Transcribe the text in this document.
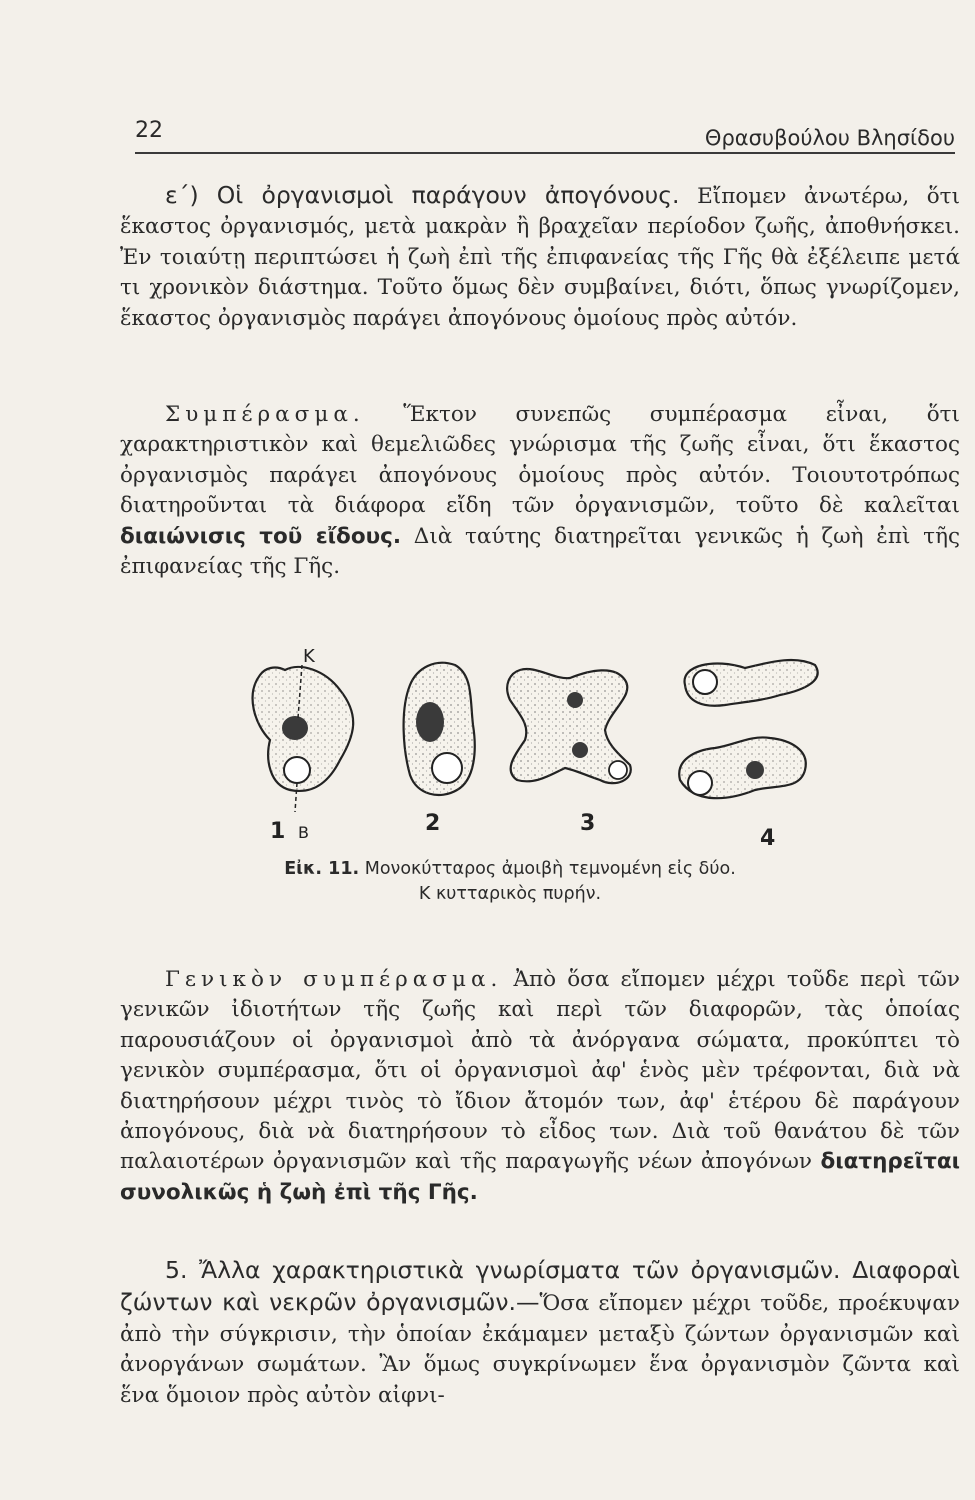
22	Θρασυβούλου Βλησίδου

ε΄) Οἱ ὀργανισμοὶ παράγουν ἀπογόνους. Εἴπομεν ἀνωτέρω, ὅτι ἕκαστος ὀργανισμός, μετὰ μακρὰν ἢ βραχεῖαν περίοδον ζωῆς, ἀποθνήσκει. Ἐν τοιαύτῃ περιπτώσει ἡ ζωὴ ἐπὶ τῆς ἐπιφανείας τῆς Γῆς θὰ ἐξέλειπε μετά τι χρονικὸν διάστημα. Τοῦτο ὅμως δὲν συμβαίνει, διότι, ὅπως γνωρίζομεν, ἕκαστος ὀργανισμὸς παράγει ἀπογόνους ὁμοίους πρὸς αὐτόν.

Συμπέρασμα. Ἕκτον συνεπῶς συμπέρασμα εἶναι, ὅτι χαρακτηριστικὸν καὶ θεμελιῶδες γνώρισμα τῆς ζωῆς εἶναι, ὅτι ἕκαστος ὀργανισμὸς παράγει ἀπογόνους ὁμοίους πρὸς αὐτόν. Τοιουτοτρόπως διατηροῦνται τὰ διάφορα εἴδη τῶν ὀργανισμῶν, τοῦτο δὲ καλεῖται διαιώνισις τοῦ εἴδους. Διὰ ταύτης διατηρεῖται γενικῶς ἡ ζωὴ ἐπὶ τῆς ἐπιφανείας τῆς Γῆς.

Κ
1 Β	2	3
4
Εἰκ. 11. Μονοκύτταρος ἀμοιβὴ τεμνομένη εἰς δύο.
Κ κυτταρικὸς πυρήν.

Γενικὸν συμπέρασμα. Ἀπὸ ὅσα εἴπομεν μέχρι τοῦδε περὶ τῶν γενικῶν ἰδιοτήτων τῆς ζωῆς καὶ περὶ τῶν διαφορῶν, τὰς ὁποίας παρουσιάζουν οἱ ὀργανισμοὶ ἀπὸ τὰ ἀνόργανα σώματα, προκύπτει τὸ γενικὸν συμπέρασμα, ὅτι οἱ ὀργανισμοὶ ἀφ' ἑνὸς μὲν τρέφονται, διὰ νὰ διατηρήσουν μέχρι τινὸς τὸ ἴδιον ἄτομόν των, ἀφ' ἑτέρου δὲ παράγουν ἀπογόνους, διὰ νὰ διατηρήσουν τὸ εἶδος των. Διὰ τοῦ θανάτου δὲ τῶν παλαιοτέρων ὀργανισμῶν καὶ τῆς παραγωγῆς νέων ἀπογόνων διατηρεῖται συνολικῶς ἡ ζωὴ ἐπὶ τῆς Γῆς.

5. Ἄλλα χαρακτηριστικὰ γνωρίσματα τῶν ὀργανισμῶν. Διαφοραὶ ζώντων καὶ νεκρῶν ὀργανισμῶν.—Ὅσα εἴπομεν μέχρι τοῦδε, προέκυψαν ἀπὸ τὴν σύγκρισιν, τὴν ὁποίαν ἐκάμαμεν μεταξὺ ζώντων ὀργανισμῶν καὶ ἀνοργάνων σωμάτων. Ἂν ὅμως συγκρίνωμεν ἕνα ὀργανισμὸν ζῶντα καὶ ἕνα ὅμοιον πρὸς αὐτὸν αἰφνι-
